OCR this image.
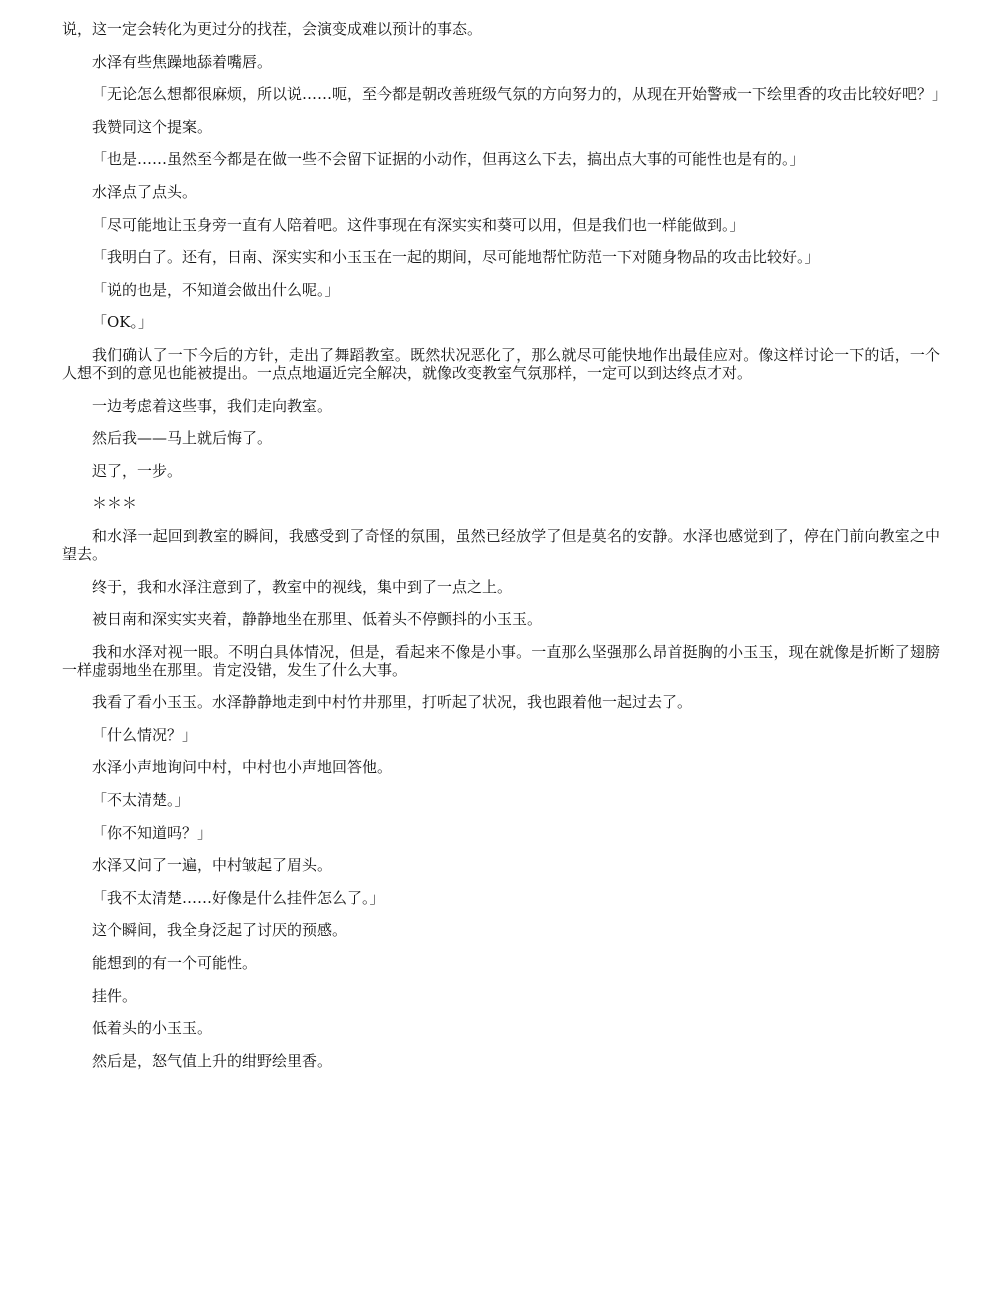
说，这一定会转化为更过分的找茬，会演变成难以预计的事态。

水泽有些焦躁地舔着嘴唇。

「无论怎么想都很麻烦，所以说……呃，至今都是朝改善班级气氛的方向努力的，从现在开始警戒一下绘里香的攻击比较好吧？」

我赞同这个提案。

「也是……虽然至今都是在做一些不会留下证据的小动作，但再这么下去，搞出点大事的可能性也是有的。」

水泽点了点头。

「尽可能地让玉身旁一直有人陪着吧。这件事现在有深实实和葵可以用，但是我们也一样能做到。」

「我明白了。还有，日南、深实实和小玉玉在一起的期间，尽可能地帮忙防范一下对随身物品的攻击比较好。」

「说的也是，不知道会做出什么呢。」

「OK。」

我们确认了一下今后的方针，走出了舞蹈教室。既然状况恶化了，那么就尽可能快地作出最佳应对。像这样讨论一下的话，一个人想不到的意见也能被提出。一点点地逼近完全解决，就像改变教室气氛那样，一定可以到达终点才对。

一边考虑着这些事，我们走向教室。

然后我——马上就后悔了。

迟了，一步。

＊＊＊

和水泽一起回到教室的瞬间，我感受到了奇怪的氛围，虽然已经放学了但是莫名的安静。水泽也感觉到了，停在门前向教室之中望去。

终于，我和水泽注意到了，教室中的视线，集中到了一点之上。

被日南和深实实夹着，静静地坐在那里、低着头不停颤抖的小玉玉。

我和水泽对视一眼。不明白具体情况，但是，看起来不像是小事。一直那么坚强那么昂首挺胸的小玉玉，现在就像是折断了翅膀一样虚弱地坐在那里。肯定没错，发生了什么大事。

我看了看小玉玉。水泽静静地走到中村竹井那里，打听起了状况，我也跟着他一起过去了。

「什么情况？」

水泽小声地询问中村，中村也小声地回答他。

「不太清楚。」

「你不知道吗？」

水泽又问了一遍，中村皱起了眉头。

「我不太清楚……好像是什么挂件怎么了。」

这个瞬间，我全身泛起了讨厌的预感。

能想到的有一个可能性。

挂件。

低着头的小玉玉。

然后是，怒气值上升的绀野绘里香。
